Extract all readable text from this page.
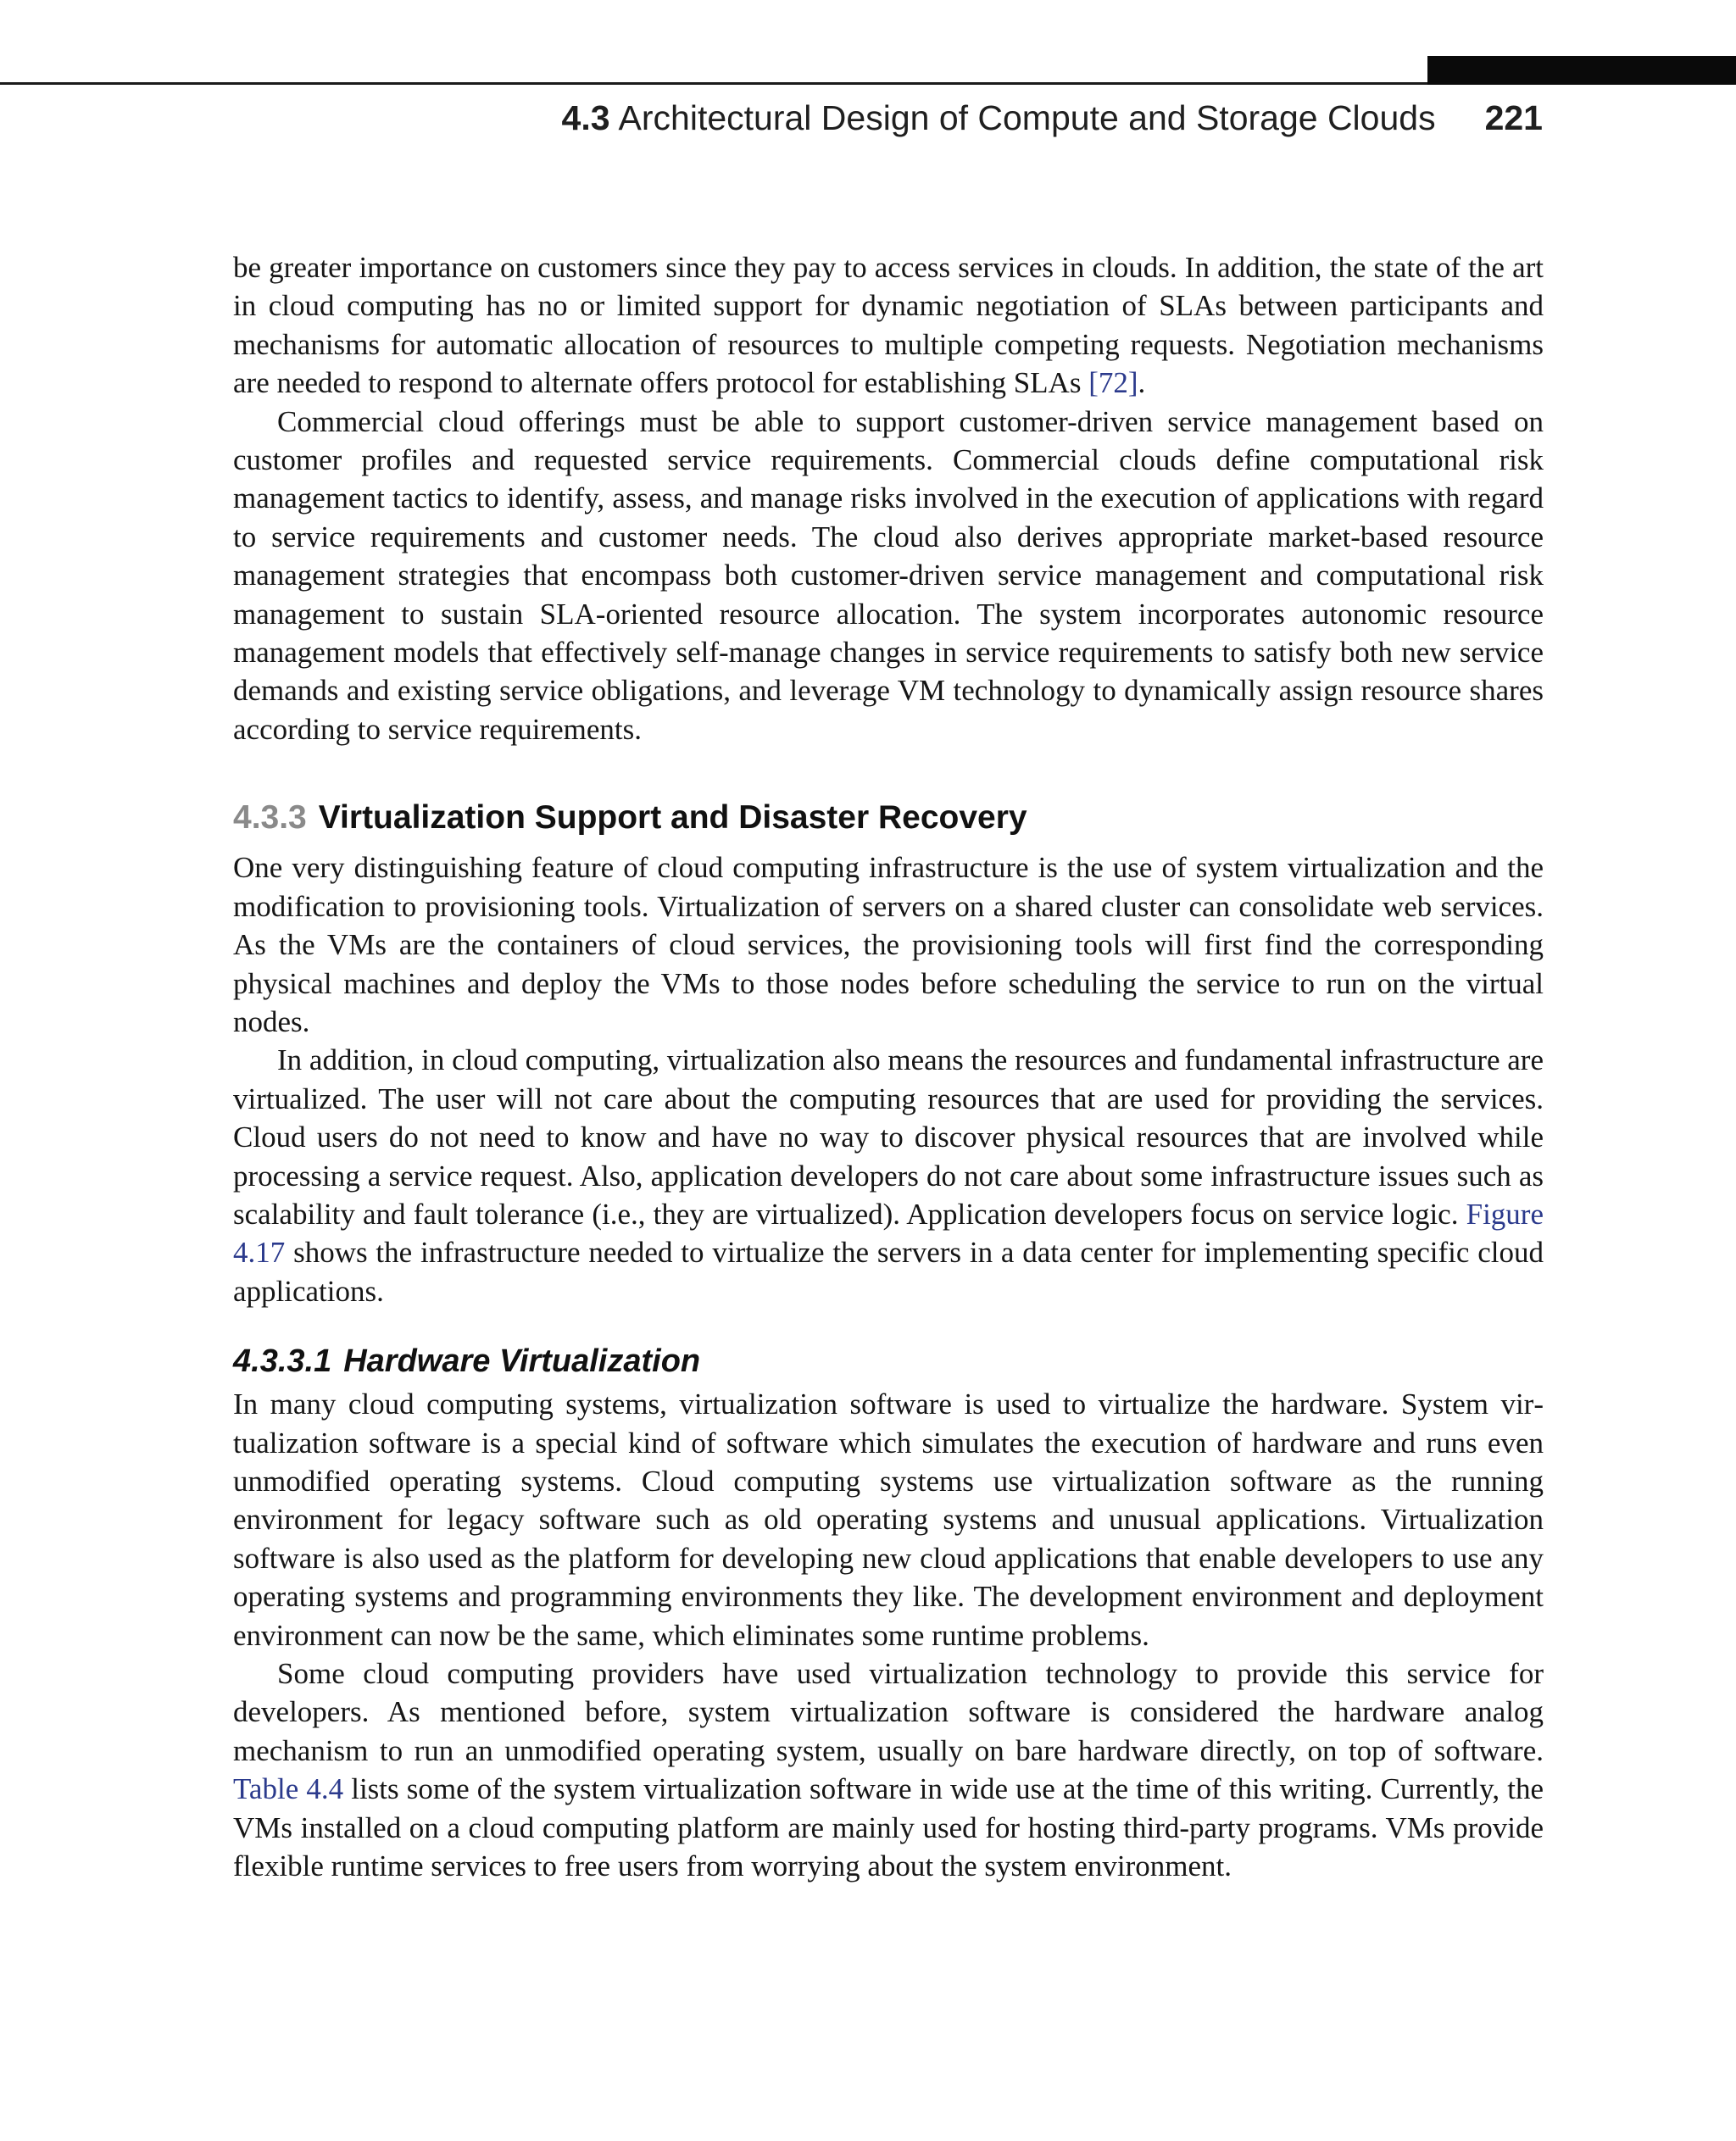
4.3 Architectural Design of Compute and Storage Clouds 221

be greater importance on customers since they pay to access services in clouds. In addition, the state of the art in cloud computing has no or limited support for dynamic negotiation of SLAs between participants and mechanisms for automatic allocation of resources to multiple competing requests. Negotiation mechanisms are needed to respond to alternate offers protocol for establishing SLAs [72].

Commercial cloud offerings must be able to support customer-driven service management based on customer profiles and requested service requirements. Commercial clouds define computational risk management tactics to identify, assess, and manage risks involved in the execution of applications with regard to service requirements and customer needs. The cloud also derives appropriate market-based resource management strategies that encompass both customer-driven service management and computational risk management to sustain SLA-oriented resource allocation. The system incorporates autonomic resource management models that effectively self-manage changes in service requirements to satisfy both new service demands and existing service obligations, and leverage VM technology to dynamically assign resource shares according to service requirements.

4.3.3 Virtualization Support and Disaster Recovery

One very distinguishing feature of cloud computing infrastructure is the use of system virtualization and the modification to provisioning tools. Virtualization of servers on a shared cluster can consolidate web services. As the VMs are the containers of cloud services, the provisioning tools will first find the corresponding physical machines and deploy the VMs to those nodes before scheduling the service to run on the virtual nodes.

In addition, in cloud computing, virtualization also means the resources and fundamental infrastructure are virtualized. The user will not care about the computing resources that are used for providing the services. Cloud users do not need to know and have no way to discover physical resources that are involved while processing a service request. Also, application developers do not care about some infrastructure issues such as scalability and fault tolerance (i.e., they are virtualized). Application developers focus on service logic. Figure 4.17 shows the infrastructure needed to virtualize the servers in a data center for implementing specific cloud applications.

4.3.3.1 Hardware Virtualization

In many cloud computing systems, virtualization software is used to virtualize the hardware. System virtualization software is a special kind of software which simulates the execution of hardware and runs even unmodified operating systems. Cloud computing systems use virtualization software as the running environment for legacy software such as old operating systems and unusual applications. Virtualization software is also used as the platform for developing new cloud applications that enable developers to use any operating systems and programming environments they like. The development environment and deployment environment can now be the same, which eliminates some runtime problems.

Some cloud computing providers have used virtualization technology to provide this service for developers. As mentioned before, system virtualization software is considered the hardware analog mechanism to run an unmodified operating system, usually on bare hardware directly, on top of software. Table 4.4 lists some of the system virtualization software in wide use at the time of this writing. Currently, the VMs installed on a cloud computing platform are mainly used for hosting third-party programs. VMs provide flexible runtime services to free users from worrying about the system environment.
